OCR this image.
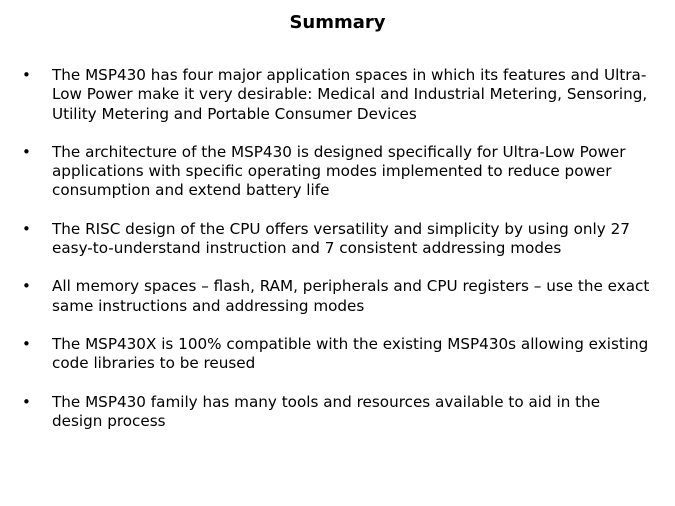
Summary
• The MSP430 has four major application spaces in which its features and Ultra-Low Power make it very desirable: Medical and Industrial Metering, Sensoring, Utility Metering and Portable Consumer Devices
• The architecture of the MSP430 is designed specifically for Ultra-Low Power applications with specific operating modes implemented to reduce power consumption and extend battery life
• The RISC design of the CPU offers versatility and simplicity by using only 27 easy-to-understand instruction and 7 consistent addressing modes
• All memory spaces – flash, RAM, peripherals and CPU registers – use the exact same instructions and addressing modes
• The MSP430X is 100% compatible with the existing MSP430s allowing existing code libraries to be reused
• The MSP430 family has many tools and resources available to aid in the design process
